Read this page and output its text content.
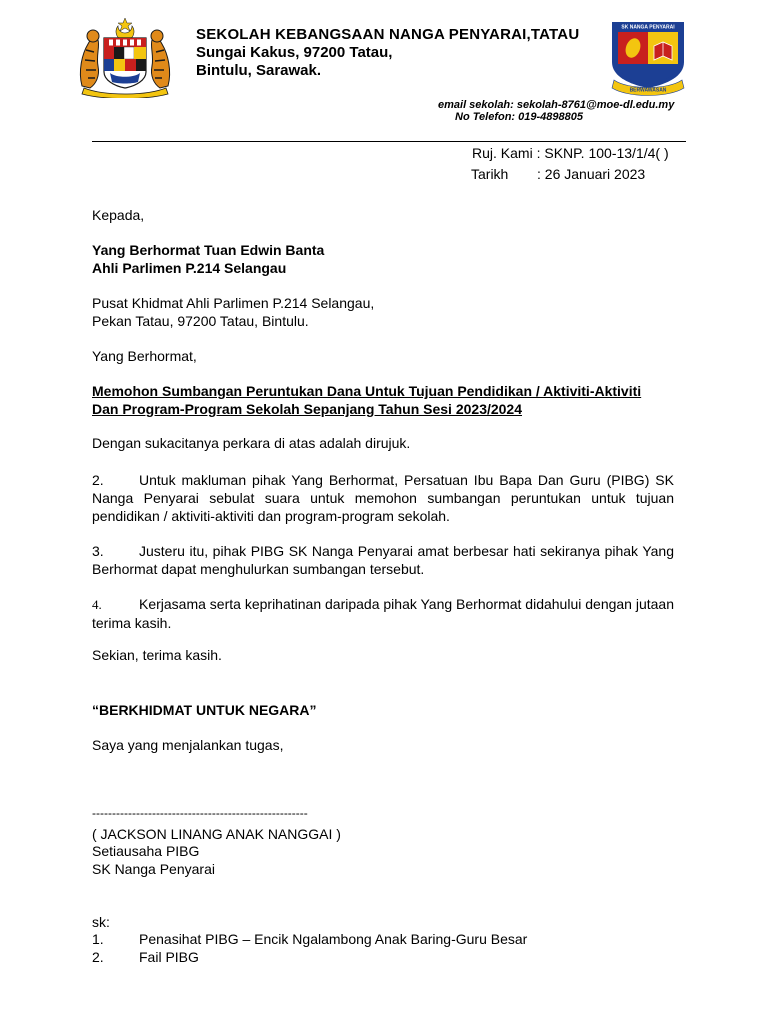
SK NANGA PENYARAI
BERWAWASAN
SEKOLAH KEBANGSAAN NANGA PENYARAI,TATAU
Sungai Kakus, 97200 Tatau,
Bintulu, Sarawak.
email sekolah: sekolah-8761@moe-dl.edu.my
No Telefon: 019-4898805
Ruj. Kami : SKNP. 100-13/1/4( )
Tarikh : 26 Januari 2023
Kepada,
Yang Berhormat Tuan Edwin Banta
Ahli Parlimen P.214 Selangau
Pusat Khidmat Ahli Parlimen P.214 Selangau,
Pekan Tatau, 97200 Tatau, Bintulu.
Yang Berhormat,
Memohon Sumbangan Peruntukan Dana Untuk Tujuan Pendidikan / Aktiviti-Aktiviti
Dan Program-Program Sekolah Sepanjang Tahun Sesi 2023/2024
Dengan sukacitanya perkara di atas adalah dirujuk.
2.	Untuk makluman pihak Yang Berhormat, Persatuan Ibu Bapa Dan Guru (PIBG) SK Nanga Penyarai sebulat suara untuk memohon sumbangan peruntukan untuk tujuan pendidikan / aktiviti-aktiviti dan program-program sekolah.
3.	Justeru itu, pihak PIBG SK Nanga Penyarai amat berbesar hati sekiranya pihak Yang Berhormat dapat menghulurkan sumbangan tersebut.
4.	Kerjasama serta keprihatinan daripada pihak Yang Berhormat didahului dengan jutaan terima kasih.
Sekian, terima kasih.
“BERKHIDMAT UNTUK NEGARA”
Saya yang menjalankan tugas,
------------------------------------------------------
( JACKSON LINANG ANAK NANGGAI )
Setiausaha PIBG
SK Nanga Penyarai
sk:
1.	Penasihat PIBG – Encik Ngalambong Anak Baring-Guru Besar
2.	Fail PIBG
